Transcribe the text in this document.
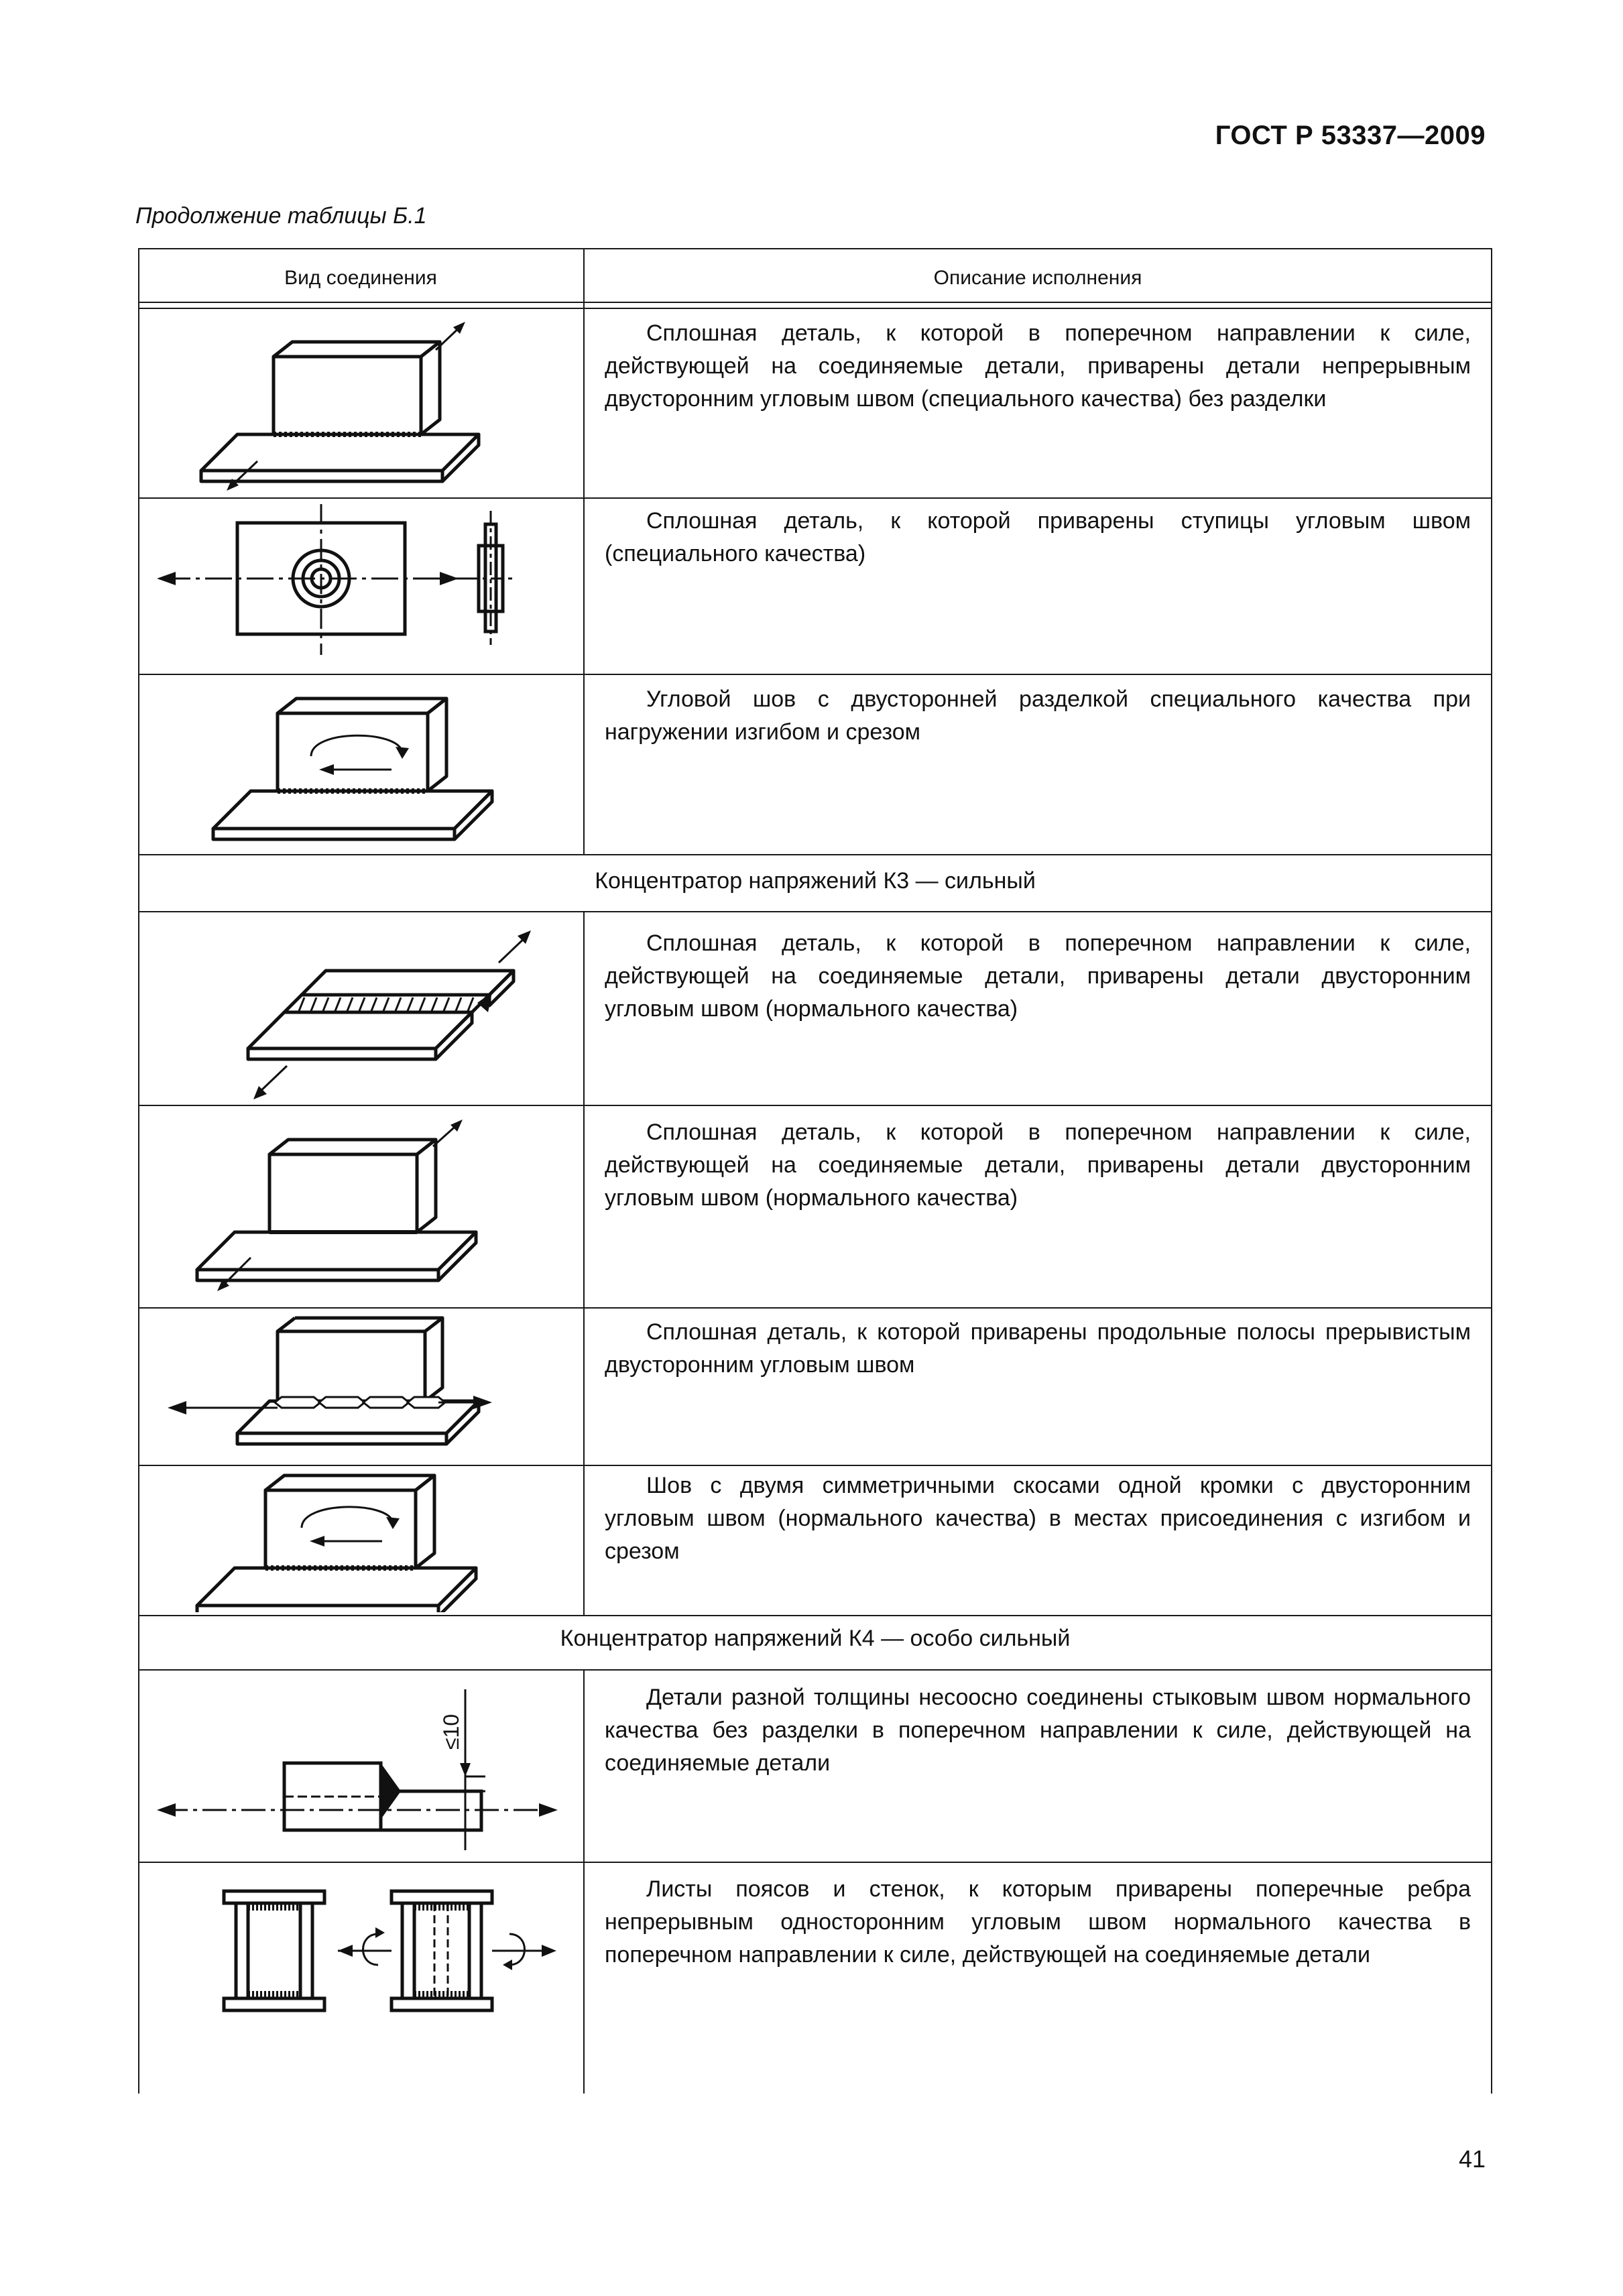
ГОСТ Р 53337—2009
Продолжение таблицы Б.1
Вид соединения	Описание исполнения
Сплошная деталь, к которой в поперечном направлении к силе, действующей на соединяемые детали, приварены детали непрерывным двусторонним угловым швом (специального качества) без разделки
Сплошная деталь, к которой приварены ступицы угловым швом (специального качества)
Угловой шов с двусторонней разделкой специального качества при нагружении изгибом и срезом
Концентратор напряжений К3 — сильный
Сплошная деталь, к которой в поперечном направлении к силе, действующей на соединяемые детали, приварены детали двусторонним угловым швом (нормального качества)
Сплошная деталь, к которой в поперечном направлении к силе, действующей на соединяемые детали, приварены детали двусторонним угловым швом (нормального качества)
Сплошная деталь, к которой приварены продольные полосы прерывистым двусторонним угловым швом
Шов с двумя симметричными скосами одной кромки с двусторонним угловым швом (нормального качества) в местах присоединения с изгибом и срезом
Концентратор напряжений К4 — особо сильный
≤10
Детали разной толщины несоосно соединены стыковым швом нормального качества без разделки в поперечном направлении к силе, действующей на соединяемые детали
Листы поясов и стенок, к которым приварены поперечные ребра непрерывным односторонним угловым швом нормального качества в поперечном направлении к силе, действующей на соединяемые детали
41
